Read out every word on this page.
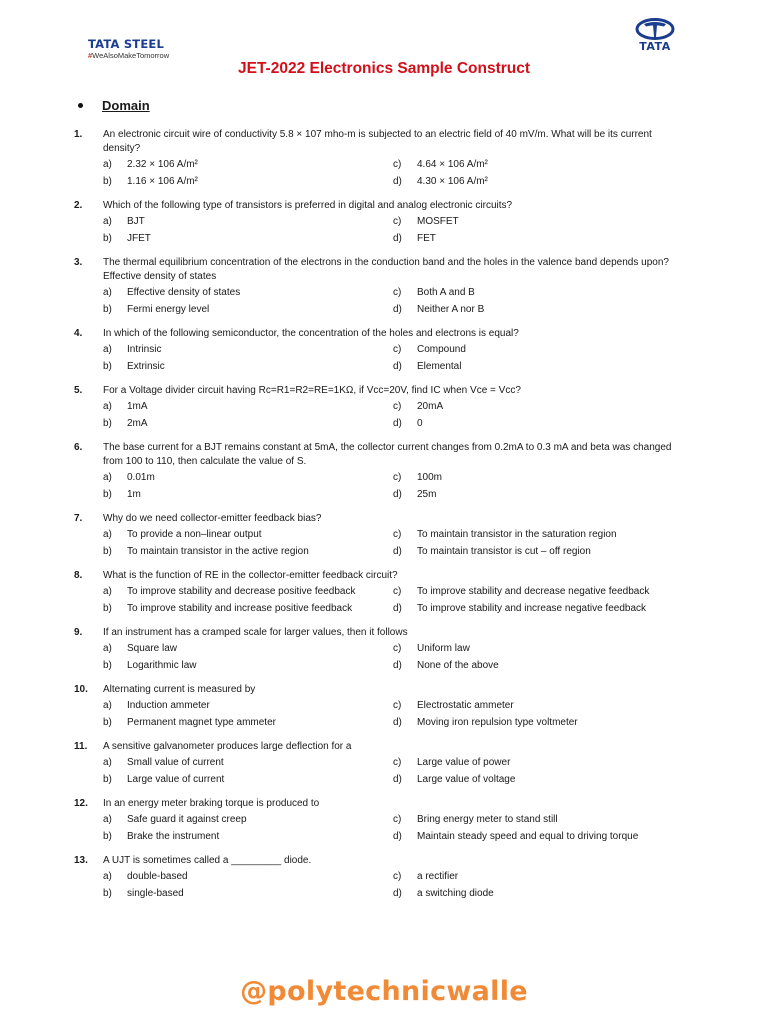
TATA STEEL
#WeAlsoMakeTomorrow
TATA
JET-2022 Electronics Sample Construct
Domain
1. An electronic circuit wire of conductivity 5.8 × 107 mho-m is subjected to an electric field of 40 mV/m. What will be its current density?
a)	2.32 × 106 A/m²	c)	4.64 × 106 A/m²
b)	1.16 × 106 A/m²	d)	4.30 × 106 A/m²
2. Which of the following type of transistors is preferred in digital and analog electronic circuits?
a)	BJT	c)	MOSFET
b)	JFET	d)	FET
3. The thermal equilibrium concentration of the electrons in the conduction band and the holes in the valence band depends upon? Effective density of states
a)	Effective density of states	c)	Both A and B
b)	Fermi energy level	d)	Neither A nor B
4. In which of the following semiconductor, the concentration of the holes and electrons is equal?
a)	Intrinsic	c)	Compound
b)	Extrinsic	d)	Elemental
5. For a Voltage divider circuit having Rc=R1=R2=RE=1KΩ, if Vcc=20V, find IC when Vce = Vcc?
a)	1mA	c)	20mA
b)	2mA	d)	0
6. The base current for a BJT remains constant at 5mA, the collector current changes from 0.2mA to 0.3 mA and beta was changed from 100 to 110, then calculate the value of S.
a)	0.01m	c)	100m
b)	1m	d)	25m
7. Why do we need collector-emitter feedback bias?
a)	To provide a non–linear output	c)	To maintain transistor in the saturation region
b)	To maintain transistor in the active region	d)	To maintain transistor is cut – off region
8. What is the function of RE in the collector-emitter feedback circuit?
a)	To improve stability and decrease positive feedback	c)	To improve stability and decrease negative feedback
b)	To improve stability and increase positive feedback	d)	To improve stability and increase negative feedback
9. If an instrument has a cramped scale for larger values, then it follows
a)	Square law	c)	Uniform law
b)	Logarithmic law	d)	None of the above
10. Alternating current is measured by
a)	Induction ammeter	c)	Electrostatic ammeter
b)	Permanent magnet type ammeter	d)	Moving iron repulsion type voltmeter
11. A sensitive galvanometer produces large deflection for a
a)	Small value of current	c)	Large value of power
b)	Large value of current	d)	Large value of voltage
12. In an energy meter braking torque is produced to
a)	Safe guard it against creep	c)	Bring energy meter to stand still
b)	Brake the instrument	d)	Maintain steady speed and equal to driving torque
13. A UJT is sometimes called a _________ diode.
a)	double-based	c)	a rectifier
b)	single-based	d)	a switching diode
@polytechnicwalle
